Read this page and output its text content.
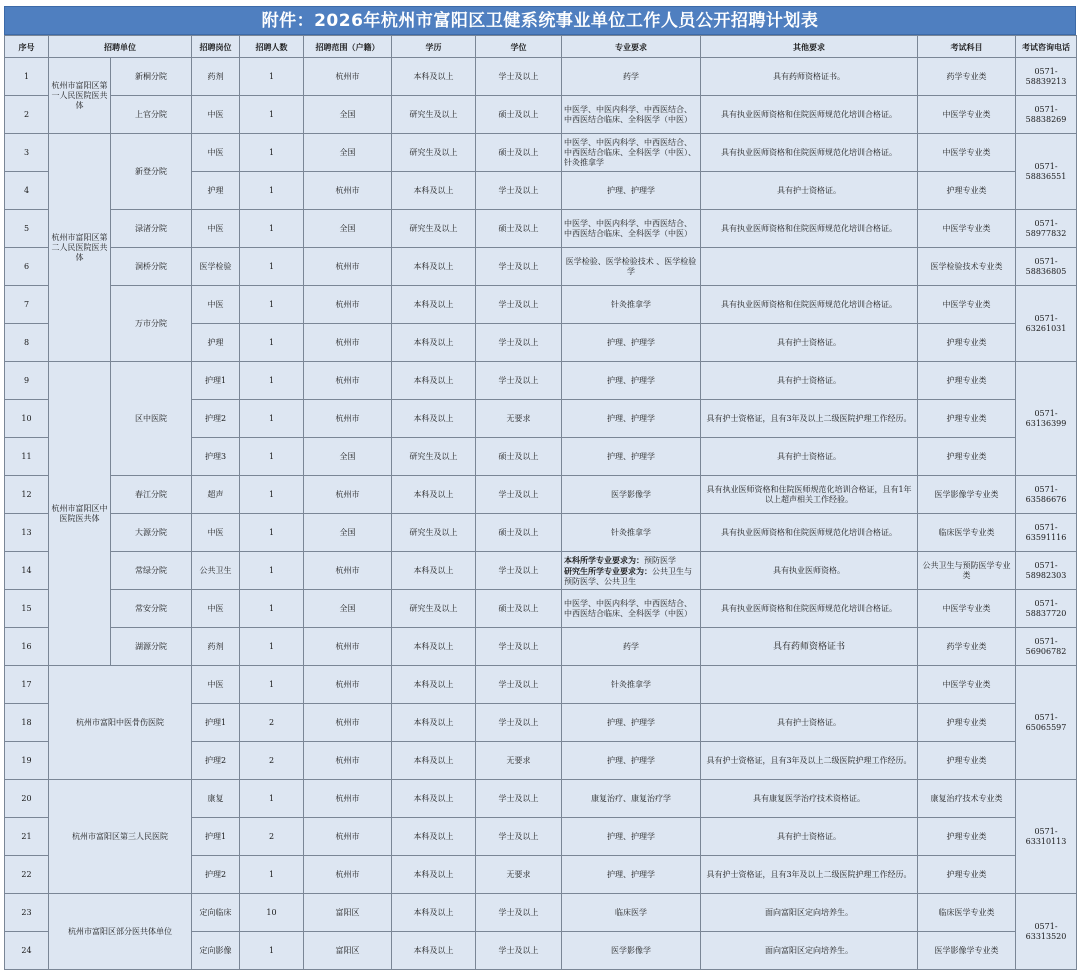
附件：2026年杭州市富阳区卫健系统事业单位工作人员公开招聘计划表
序号	招聘单位		招聘岗位	招聘人数	招聘范围（户籍）	学历	学位	专业要求	其他要求	考试科目	考试咨询电话
1	杭州市富阳区第一人民医院医共体	新桐分院	药剂	1	杭州市	本科及以上	学士及以上	药学	具有药师资格证书。	药学专业类	0571-58839213
2		上官分院	中医	1	全国	研究生及以上	硕士及以上	中医学、中医内科学、中西医结合、中西医结合临床、全科医学（中医）	具有执业医师资格和住院医师规范化培训合格证。	中医学专业类	0571-58838269
3	杭州市富阳区第二人民医院医共体	新登分院	中医	1	全国	研究生及以上	硕士及以上	中医学、中医内科学、中西医结合、中西医结合临床、全科医学（中医）、针灸推拿学	具有执业医师资格和住院医师规范化培训合格证。	中医学专业类	0571-58836551
4			护理	1	杭州市	本科及以上	学士及以上	护理、护理学	具有护士资格证。	护理专业类	
5		渌渚分院	中医	1	全国	研究生及以上	硕士及以上	中医学、中医内科学、中西医结合、中西医结合临床、全科医学（中医）	具有执业医师资格和住院医师规范化培训合格证。	中医学专业类	0571-58977832
6		洞桥分院	医学检验	1	杭州市	本科及以上	学士及以上	医学检验、医学检验技术 、医学检验学		医学检验技术专业类	0571-58836805
7		万市分院	中医	1	杭州市	本科及以上	学士及以上	针灸推拿学	具有执业医师资格和住院医师规范化培训合格证。	中医学专业类	0571-63261031
8			护理	1	杭州市	本科及以上	学士及以上	护理、护理学	具有护士资格证。	护理专业类	
9	杭州市富阳区中医院医共体	区中医院	护理1	1	杭州市	本科及以上	学士及以上	护理、护理学	具有护士资格证。	护理专业类	0571-63136399
10			护理2	1	杭州市	本科及以上	无要求	护理、护理学	具有护士资格证，且有3年及以上二级医院护理工作经历。	护理专业类	
11			护理3	1	全国	研究生及以上	硕士及以上	护理、护理学	具有护士资格证。	护理专业类	
12		春江分院	超声	1	杭州市	本科及以上	学士及以上	医学影像学	具有执业医师资格和住院医师规范化培训合格证，且有1年以上超声相关工作经验。	医学影像学专业类	0571-63586676
13		大源分院	中医	1	全国	研究生及以上	硕士及以上	针灸推拿学	具有执业医师资格和住院医师规范化培训合格证。	临床医学专业类	0571-63591116
14		常绿分院	公共卫生	1	杭州市	本科及以上	学士及以上	本科所学专业要求为：预防医学
研究生所学专业要求为：公共卫生与预防医学、公共卫生	具有执业医师资格。	公共卫生与预防医学专业类	0571-58982303
15		常安分院	中医	1	全国	研究生及以上	硕士及以上	中医学、中医内科学、中西医结合、中西医结合临床、全科医学（中医）	具有执业医师资格和住院医师规范化培训合格证。	中医学专业类	0571-58837720
16		湖源分院	药剂	1	杭州市	本科及以上	学士及以上	药学	具有药师资格证书	药学专业类	0571-56906782
17	杭州市富阳中医骨伤医院		中医	1	杭州市	本科及以上	学士及以上	针灸推拿学		中医学专业类	0571-65065597
18			护理1	2	杭州市	本科及以上	学士及以上	护理、护理学	具有护士资格证。	护理专业类	
19			护理2	2	杭州市	本科及以上	无要求	护理、护理学	具有护士资格证，且有3年及以上二级医院护理工作经历。	护理专业类	
20	杭州市富阳区第三人民医院		康复	1	杭州市	本科及以上	学士及以上	康复治疗、康复治疗学	具有康复医学治疗技术资格证。	康复治疗技术专业类	0571-63310113
21			护理1	2	杭州市	本科及以上	学士及以上	护理、护理学	具有护士资格证。	护理专业类	
22			护理2	1	杭州市	本科及以上	无要求	护理、护理学	具有护士资格证，且有3年及以上二级医院护理工作经历。	护理专业类	
23	杭州市富阳区部分医共体单位		定向临床	10	富阳区	本科及以上	学士及以上	临床医学	面向富阳区定向培养生。	临床医学专业类	0571-63313520
24			定向影像	1	富阳区	本科及以上	学士及以上	医学影像学	面向富阳区定向培养生。	医学影像学专业类	
